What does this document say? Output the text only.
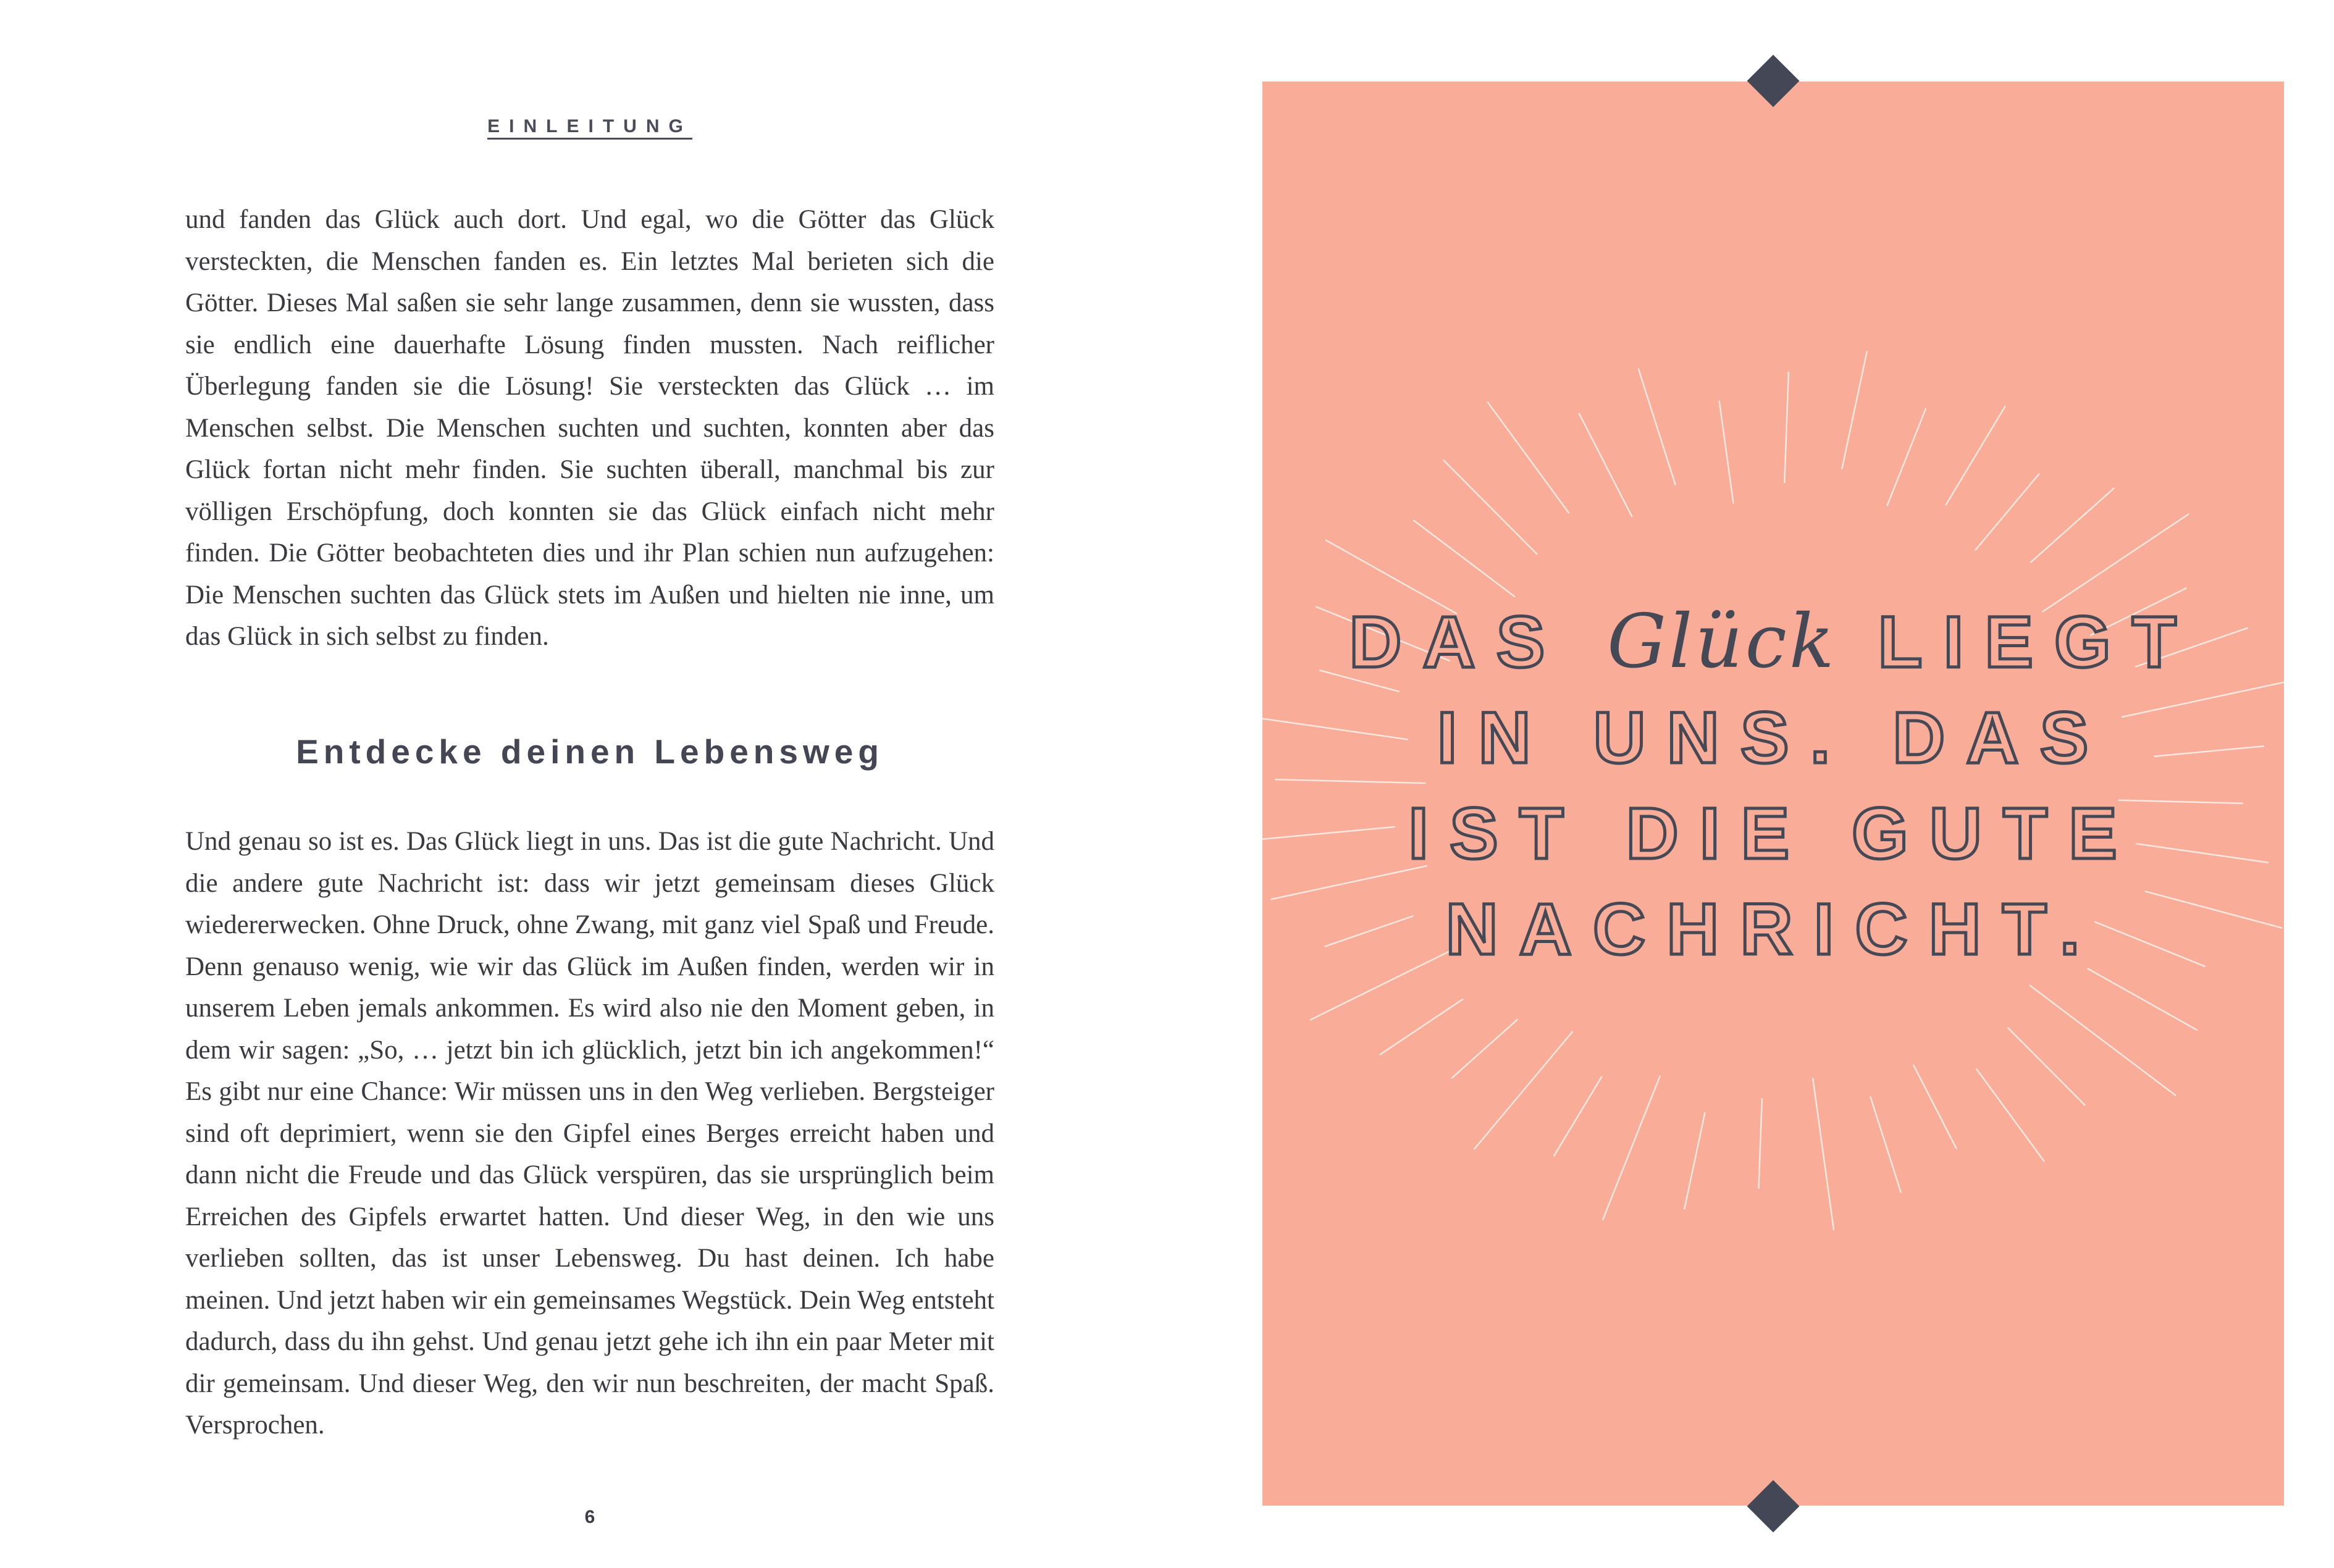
EINLEITUNG

und fanden das Glück auch dort. Und egal, wo die Götter das Glück versteckten, die Menschen fanden es. Ein letztes Mal berieten sich die Götter. Dieses Mal saßen sie sehr lange zusammen, denn sie wussten, dass sie endlich eine dauerhafte Lösung finden mussten. Nach reiflicher Überlegung fanden sie die Lösung! Sie versteckten das Glück … im Menschen selbst. Die Menschen suchten und suchten, konnten aber das Glück fortan nicht mehr finden. Sie suchten überall, manchmal bis zur völligen Erschöpfung, doch konnten sie das Glück einfach nicht mehr finden. Die Götter beobachteten dies und ihr Plan schien nun aufzugehen: Die Menschen suchten das Glück stets im Außen und hielten nie inne, um das Glück in sich selbst zu finden.

Entdecke deinen Lebensweg

Und genau so ist es. Das Glück liegt in uns. Das ist die gute Nachricht. Und die andere gute Nachricht ist: dass wir jetzt gemeinsam dieses Glück wiedererwecken. Ohne Druck, ohne Zwang, mit ganz viel Spaß und Freude. Denn genauso wenig, wie wir das Glück im Außen finden, werden wir in unserem Leben jemals ankommen. Es wird also nie den Moment geben, in dem wir sagen: „So, … jetzt bin ich glücklich, jetzt bin ich angekommen!“ Es gibt nur eine Chance: Wir müssen uns in den Weg verlieben. Bergsteiger sind oft deprimiert, wenn sie den Gipfel eines Berges erreicht haben und dann nicht die Freude und das Glück verspüren, das sie ursprünglich beim Erreichen des Gipfels erwartet hatten. Und dieser Weg, in den wie uns verlieben sollten, das ist unser Lebensweg. Du hast deinen. Ich habe meinen. Und jetzt haben wir ein gemeinsames Wegstück. Dein Weg entsteht dadurch, dass du ihn gehst. Und genau jetzt gehe ich ihn ein paar Meter mit dir gemeinsam. Und dieser Weg, den wir nun beschreiten, der macht Spaß. Versprochen.

6
DAS Glück LIEGT
IN UNS. DAS
IST DIE GUTE
NACHRICHT.
